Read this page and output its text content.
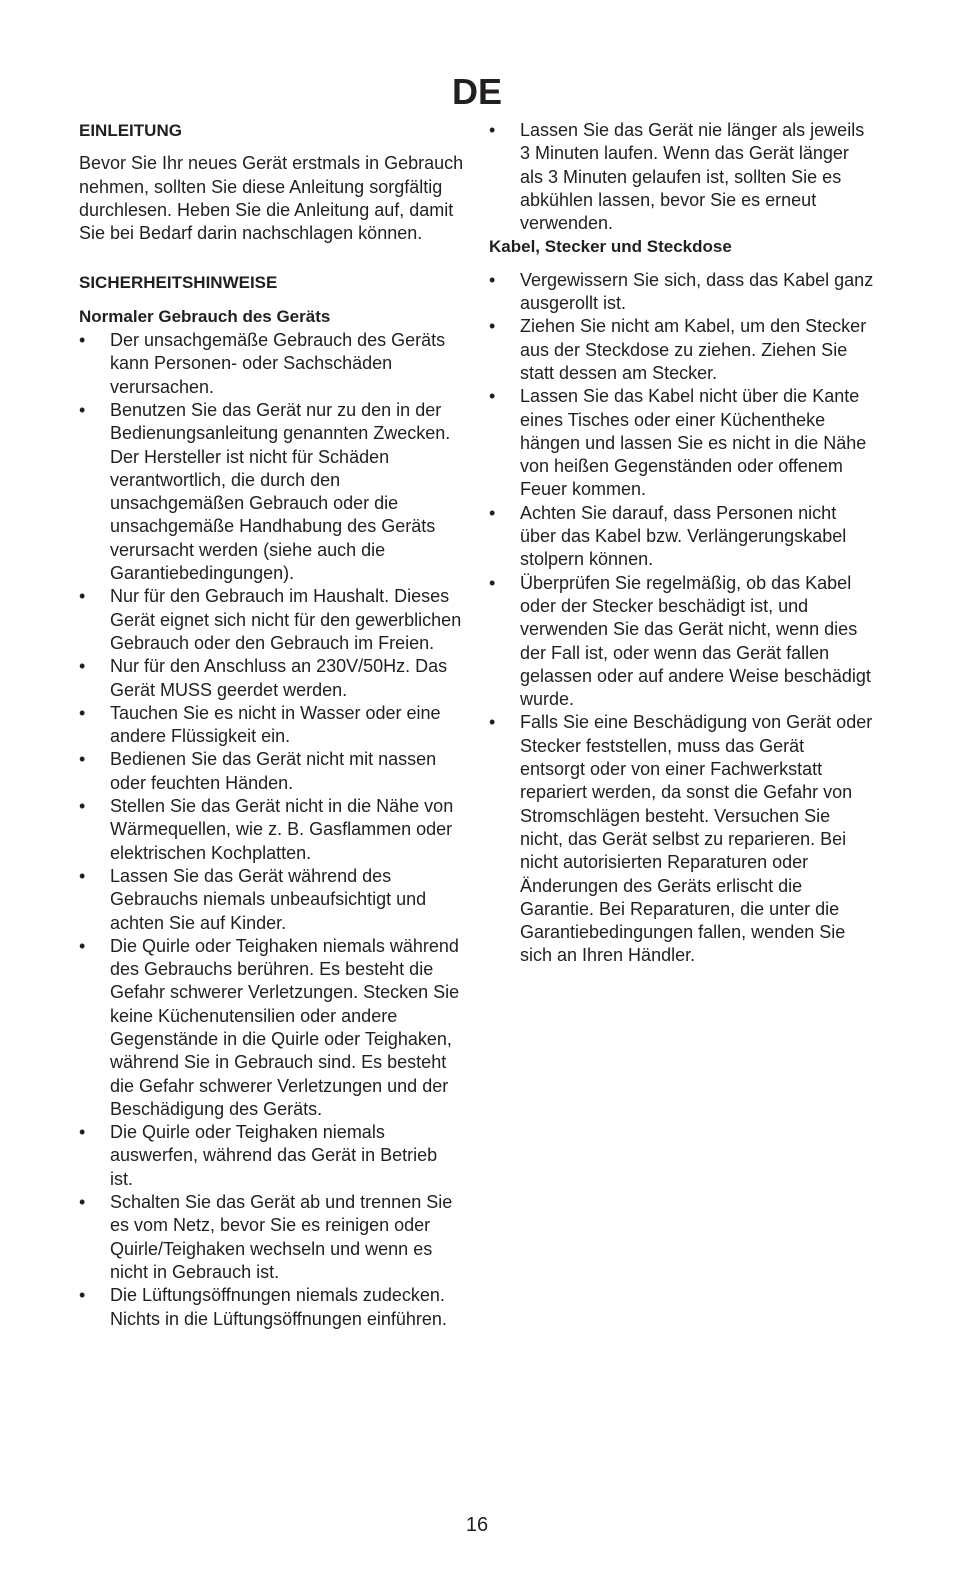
DE
EINLEITUNG

Bevor Sie Ihr neues Gerät erstmals in Gebrauch nehmen, sollten Sie diese Anleitung sorgfältig durchlesen. Heben Sie die Anleitung auf, damit Sie bei Bedarf darin nachschlagen können.

SICHERHEITSHINWEISE
Normaler Gebrauch des Geräts
• Der unsachgemäße Gebrauch des Geräts kann Personen- oder Sachschäden verursachen.
• Benutzen Sie das Gerät nur zu den in der Bedienungsanleitung genannten Zwecken. Der Hersteller ist nicht für Schäden verantwortlich, die durch den unsachgemäßen Gebrauch oder die unsachgemäße Handhabung des Geräts verursacht werden (siehe auch die Garantiebedingungen).
• Nur für den Gebrauch im Haushalt. Dieses Gerät eignet sich nicht für den gewerblichen Gebrauch oder den Gebrauch im Freien.
• Nur für den Anschluss an 230V/50Hz. Das Gerät MUSS geerdet werden.
• Tauchen Sie es nicht in Wasser oder eine andere Flüssigkeit ein.
• Bedienen Sie das Gerät nicht mit nassen oder feuchten Händen.
• Stellen Sie das Gerät nicht in die Nähe von Wärmequellen, wie z. B. Gasflammen oder elektrischen Kochplatten.
• Lassen Sie das Gerät während des Gebrauchs niemals unbeaufsichtigt und achten Sie auf Kinder.
• Die Quirle oder Teighaken niemals während des Gebrauchs berühren. Es besteht die Gefahr schwerer Verletzungen. Stecken Sie keine Küchenutensilien oder andere Gegenstände in die Quirle oder Teighaken, während Sie in Gebrauch sind. Es besteht die Gefahr schwerer Verletzungen und der Beschädigung des Geräts.
• Die Quirle oder Teighaken niemals auswerfen, während das Gerät in Betrieb ist.
• Schalten Sie das Gerät ab und trennen Sie es vom Netz, bevor Sie es reinigen oder Quirle/Teighaken wechseln und wenn es nicht in Gebrauch ist.
• Die Lüftungsöffnungen niemals zudecken. Nichts in die Lüftungsöffnungen einführen.
• Lassen Sie das Gerät nie länger als jeweils 3 Minuten laufen. Wenn das Gerät länger als 3 Minuten gelaufen ist, sollten Sie es abkühlen lassen, bevor Sie es erneut verwenden.
Kabel, Stecker und Steckdose
• Vergewissern Sie sich, dass das Kabel ganz ausgerollt ist.
• Ziehen Sie nicht am Kabel, um den Stecker aus der Steckdose zu ziehen. Ziehen Sie statt dessen am Stecker.
• Lassen Sie das Kabel nicht über die Kante eines Tisches oder einer Küchentheke hängen und lassen Sie es nicht in die Nähe von heißen Gegenständen oder offenem Feuer kommen.
• Achten Sie darauf, dass Personen nicht über das Kabel bzw. Verlängerungskabel stolpern können.
• Überprüfen Sie regelmäßig, ob das Kabel oder der Stecker beschädigt ist, und verwenden Sie das Gerät nicht, wenn dies der Fall ist, oder wenn das Gerät fallen gelassen oder auf andere Weise beschädigt wurde.
• Falls Sie eine Beschädigung von Gerät oder Stecker feststellen, muss das Gerät entsorgt oder von einer Fachwerkstatt repariert werden, da sonst die Gefahr von Stromschlägen besteht. Versuchen Sie nicht, das Gerät selbst zu reparieren. Bei nicht autorisierten Reparaturen oder Änderungen des Geräts erlischt die Garantie. Bei Reparaturen, die unter die Garantiebedingungen fallen, wenden Sie sich an Ihren Händler.
16
